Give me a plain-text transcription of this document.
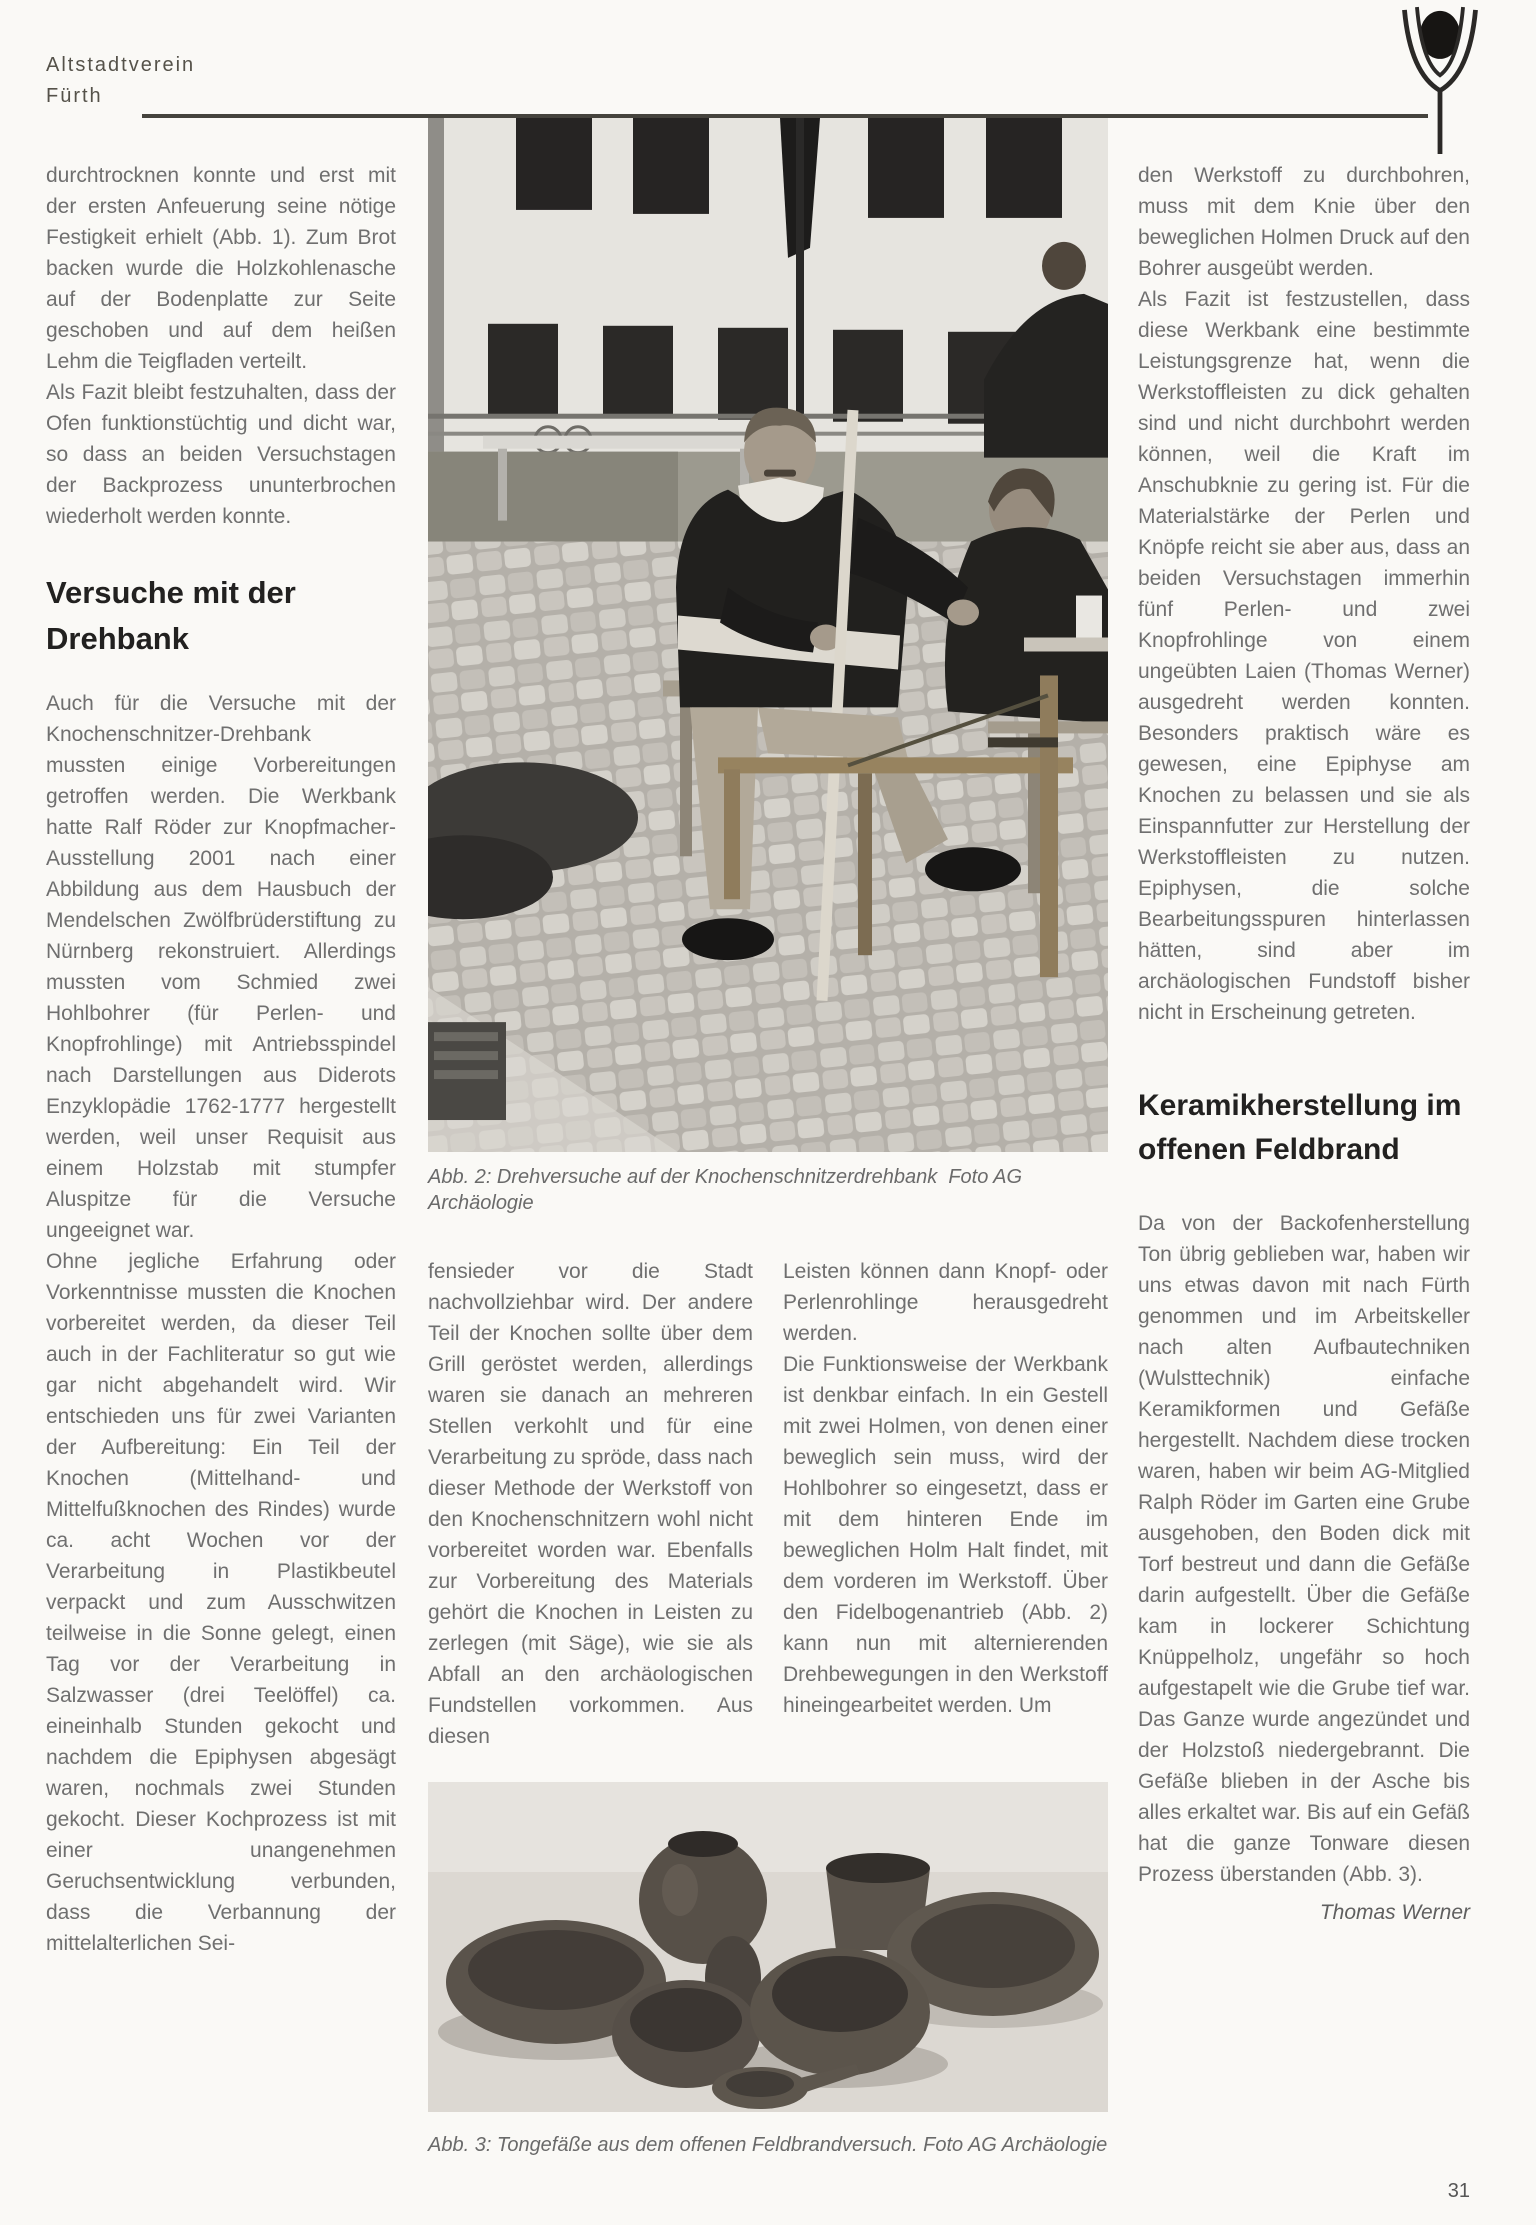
Altstadtverein
Fürth

durchtrocknen konnte und erst mit der ersten Anfeuerung seine nötige Festigkeit erhielt (Abb. 1). Zum Brot backen wurde die Holzkohlenasche auf der Bodenplatte zur Seite geschoben und auf dem heißen Lehm die Teigfladen verteilt.

Als Fazit bleibt festzuhalten, dass der Ofen funktionstüchtig und dicht war, so dass an beiden Versuchstagen der Backprozess ununterbrochen wiederholt werden konnte.

Versuche mit der Drehbank

Auch für die Versuche mit der Knochenschnitzer-Drehbank mussten einige Vorbereitungen getroffen werden. Die Werkbank hatte Ralf Röder zur Knopfmacher-Ausstellung 2001 nach einer Abbildung aus dem Hausbuch der Mendelschen Zwölfbrüderstiftung zu Nürnberg rekonstruiert. Allerdings mussten vom Schmied zwei Hohlbohrer (für Perlen- und Knopfrohlinge) mit Antriebsspindel nach Darstellungen aus Diderots Enzyklopädie 1762-1777 hergestellt werden, weil unser Requisit aus einem Holzstab mit stumpfer Aluspitze für die Versuche ungeeignet war.

Ohne jegliche Erfahrung oder Vorkenntnisse mussten die Knochen vorbereitet werden, da dieser Teil auch in der Fachliteratur so gut wie gar nicht abgehandelt wird. Wir entschieden uns für zwei Varianten der Aufbereitung: Ein Teil der Knochen (Mittelhand- und Mittelfußknochen des Rindes) wurde ca. acht Wochen vor der Verarbeitung in Plastikbeutel verpackt und zum Ausschwitzen teilweise in die Sonne gelegt, einen Tag vor der Verarbeitung in Salzwasser (drei Teelöffel) ca. eineinhalb Stunden gekocht und nachdem die Epiphysen abgesägt waren, nochmals zwei Stunden gekocht. Dieser Kochprozess ist mit einer unangenehmen Geruchsentwicklung verbunden, dass die Verbannung der mittelalterlichen Sei-

Abb. 2: Drehversuche auf der Knochenschnitzerdrehbank  Foto AG Archäologie

fensieder vor die Stadt nachvollziehbar wird. Der andere Teil der Knochen sollte über dem Grill geröstet werden, allerdings waren sie danach an mehreren Stellen verkohlt und für eine Verarbeitung zu spröde, dass nach dieser Methode der Werkstoff von den Knochenschnitzern wohl nicht vorbereitet worden war. Ebenfalls zur Vorbereitung des Materials gehört die Knochen in Leisten zu zerlegen (mit Säge), wie sie als Abfall an den archäologischen Fundstellen vorkommen. Aus diesen

Leisten können dann Knopf- oder Perlenrohlinge herausgedreht werden.

Die Funktionsweise der Werkbank ist denkbar einfach. In ein Gestell mit zwei Holmen, von denen einer beweglich sein muss, wird der Hohlbohrer so eingesetzt, dass er mit dem hinteren Ende im beweglichen Holm Halt findet, mit dem vorderen im Werkstoff. Über den Fidelbogenantrieb (Abb. 2) kann nun mit alternierenden Drehbewegungen in den Werkstoff hineingearbeitet werden. Um

Abb. 3: Tongefäße aus dem offenen Feldbrandversuch. Foto AG Archäologie

den Werkstoff zu durchbohren, muss mit dem Knie über den beweglichen Holmen Druck auf den Bohrer ausgeübt werden.

Als Fazit ist festzustellen, dass diese Werkbank eine bestimmte Leistungsgrenze hat, wenn die Werkstoffleisten zu dick gehalten sind und nicht durchbohrt werden können, weil die Kraft im Anschubknie zu gering ist. Für die Materialstärke der Perlen und Knöpfe reicht sie aber aus, dass an beiden Versuchstagen immerhin fünf Perlen- und zwei Knopfrohlinge von einem ungeübten Laien (Thomas Werner) ausgedreht werden konnten. Besonders praktisch wäre es gewesen, eine Epiphyse am Knochen zu belassen und sie als Einspannfutter zur Herstellung der Werkstoffleisten zu nutzen. Epiphysen, die solche Bearbeitungsspuren hinterlassen hätten, sind aber im archäologischen Fundstoff bisher nicht in Erscheinung getreten.

Keramikherstellung im offenen Feldbrand

Da von der Backofenherstellung Ton übrig geblieben war, haben wir uns etwas davon mit nach Fürth genommen und im Arbeitskeller nach alten Aufbautechniken (Wulsttechnik) einfache Keramikformen und Gefäße hergestellt. Nachdem diese trocken waren, haben wir beim AG-Mitglied Ralph Röder im Garten eine Grube ausgehoben, den Boden dick mit Torf bestreut und dann die Gefäße darin aufgestellt. Über die Gefäße kam in lockerer Schichtung Knüppelholz, ungefähr so hoch aufgestapelt wie die Grube tief war. Das Ganze wurde angezündet und der Holzstoß niedergebrannt. Die Gefäße blieben in der Asche bis alles erkaltet war. Bis auf ein Gefäß hat die ganze Tonware diesen Prozess überstanden (Abb. 3).

Thomas Werner
31
